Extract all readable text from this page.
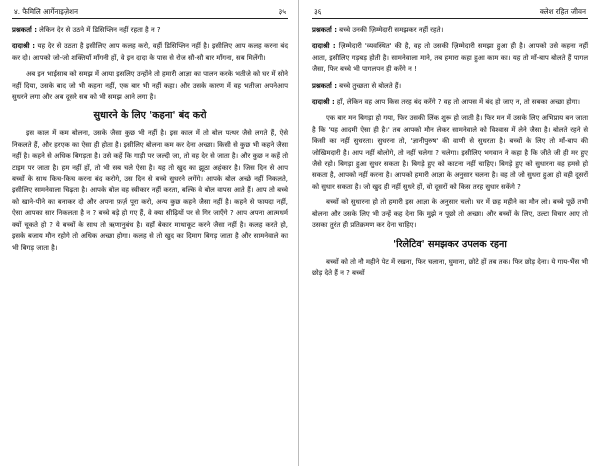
४. फैमिलि आर्गेनाइज़ेशन	३५

प्रश्नकर्ता : लेकिन देर से उठने में डिसिप्लिन नहीं रहता है न ?

दादाश्री : यह देर से उठता है इसीलिए आप कलह करो, वहीं डिसिप्लिन नहीं है। इसीलिए आप कलह करना बंद कर दो। आपको जो-जो शक्तियाँ माँगनी हों, वे इन दादा के पास से रोज सौ-सौ बार माँगना, सब मिलेंगी।

अब इन भाईसाब को समझ में आया इसलिए उन्होंने तो हमारी आज्ञा का पालन करके भतीजे को घर में सोने नहीं दिया, उसके बाद जो भी कहना नहीं, एक बार भी नहीं कहा। और उसके कारण में वह भतीजा अपनेआप सुधरने लगा और अब दूसरे सब को भी समझ आने लगा है।

सुधारने के लिए 'कहना' बंद करो

इस काल में कम बोलना, उसके जैसा कुछ भी नहीं है। इस काल में तो बोल पत्थर जैसे लगते हैं, ऐसे निकलते हैं, और हरएक का ऐसा ही होता है। इसीलिए बोलना कम कर देना अच्छा। किसी से कुछ भी कहने जैसा नहीं है। कहने से अधिक बिगड़ता है। उसे कहें कि गाड़ी पर जल्दी जा, तो वह देर से जाता है। और कुछ न कहें तो टाइम पर जाता है। हम नहीं हों, तो भी सब चले ऐसा है। यह तो खुद का झूठा अहंकार है। जिस दिन से आप बच्चों के साथ किच-किच करना बंद करोगे, उस दिन से बच्चे सुधरने लगेंगे। आपके बोल अच्छे नहीं निकलते, इसीलिए सामनेवाला चिढ़ता है। आपके बोल वह स्वीकार नहीं करता, बल्कि वे बोल वापस आते हैं। आप तो बच्चे को खाने-पीने का बनाकर दो और अपना फ़र्ज़ पूरा करो, अन्य कुछ कहने जैसा नहीं है। कहने से फायदा नहीं, ऐसा आपका सार निकलता है न ? बच्चे बड़े हो गए हैं, वे क्या सीढ़ियों पर से गिर जाएँगे ? आप अपना आत्मधर्म क्यों चूकते हो ? ये बच्चों के साथ तो ऋणानुबंध है। वहाँ बेकार माथाकूट करने जैसा नहीं है। कलह करते हो, इसके बजाय मौन रहोगे तो अधिक अच्छा होगा। कलह से तो खुद का दिमाग बिगड़ जाता है और सामनेवाले का भी बिगड़ जाता है।

३६	क्लेश रहित जीवन

प्रश्नकर्ता : बच्चे उनकी ज़िम्मेदारी समझकर नहीं रहते।

दादाश्री : ज़िम्मेदारी 'व्यवस्थित' की है, वह तो उसकी ज़िम्मेदारी समझा हुआ ही है। आपको उसे कहना नहीं आता, इसीलिए गड़बड़ होती है। सामनेवाला माने, तब हमारा कहा हुआ काम का। यह तो माँ-बाप बोलते हैं पागल जैसा, फिर बच्चे भी पागलपन ही करेंगे न !

प्रश्नकर्ता : बच्चे तुच्छता से बोलते हैं।

दादाश्री : हाँ, लेकिन वह आप किस तरह बंद करेंगे ? वह तो आपस में बंद हो जाए न, तो सबका अच्छा होगा।

एक बार मन बिगड़ा हो गया, फिर उसकी लिंक शुरू हो जाती है। फिर मन में उसके लिए अभिप्राय बन जाता है कि 'यह आदमी ऐसा ही है।' तब आपको मौन लेकर सामनेवाले को विश्वास में लेने जैसा है। बोलते रहने से किसी का नहीं सुधरता। सुधरना तो, 'ज्ञानीपुरुष' की वाणी से सुधरता है। बच्चों के लिए तो माँ-बाप की जोखिमदारी है। आप नहीं बोलोगे, तो नहीं चलेगा ? चलेगा। इसीलिए भगवान ने कहा है कि जीते जी ही मर हुए जैसे रहो। बिगड़ा हुआ सुधर सकता है। बिगड़े हुए को काटना नहीं चाहिए। बिगड़े हुए को सुधारना वह हमसे हो सकता है, आपको नहीं करना है। आपको हमारी आज्ञा के अनुसार चलना है। वह तो जो सुधरा हुआ हो वही दूसरों को सुधार सकता है। जो खुद ही नहीं सुधरे हों, वो दूसरों को किस तरह सुधार सकेंगे ?

बच्चों को सुधारना हो तो हमारी इस आज्ञा के अनुसार चलो। घर में छह महीने का मौन लो। बच्चे पूछें तभी बोलना और उसके लिए भी उन्हें कह देना कि मुझे न पूछो तो अच्छा। और बच्चों के लिए, उल्टा विचार आए तो उसका तुरंत ही प्रतिक्रमण कर देना चाहिए।

'रिलेटिव' समझकर उपलक रहना

बच्चों को तो नौ महीने पेट में रखना, फिर चलाना, घुमाना, छोटे हों तब तक। फिर छोड़ देना। ये गाय-भैंस भी छोड़ देते हैं न ? बच्चों
